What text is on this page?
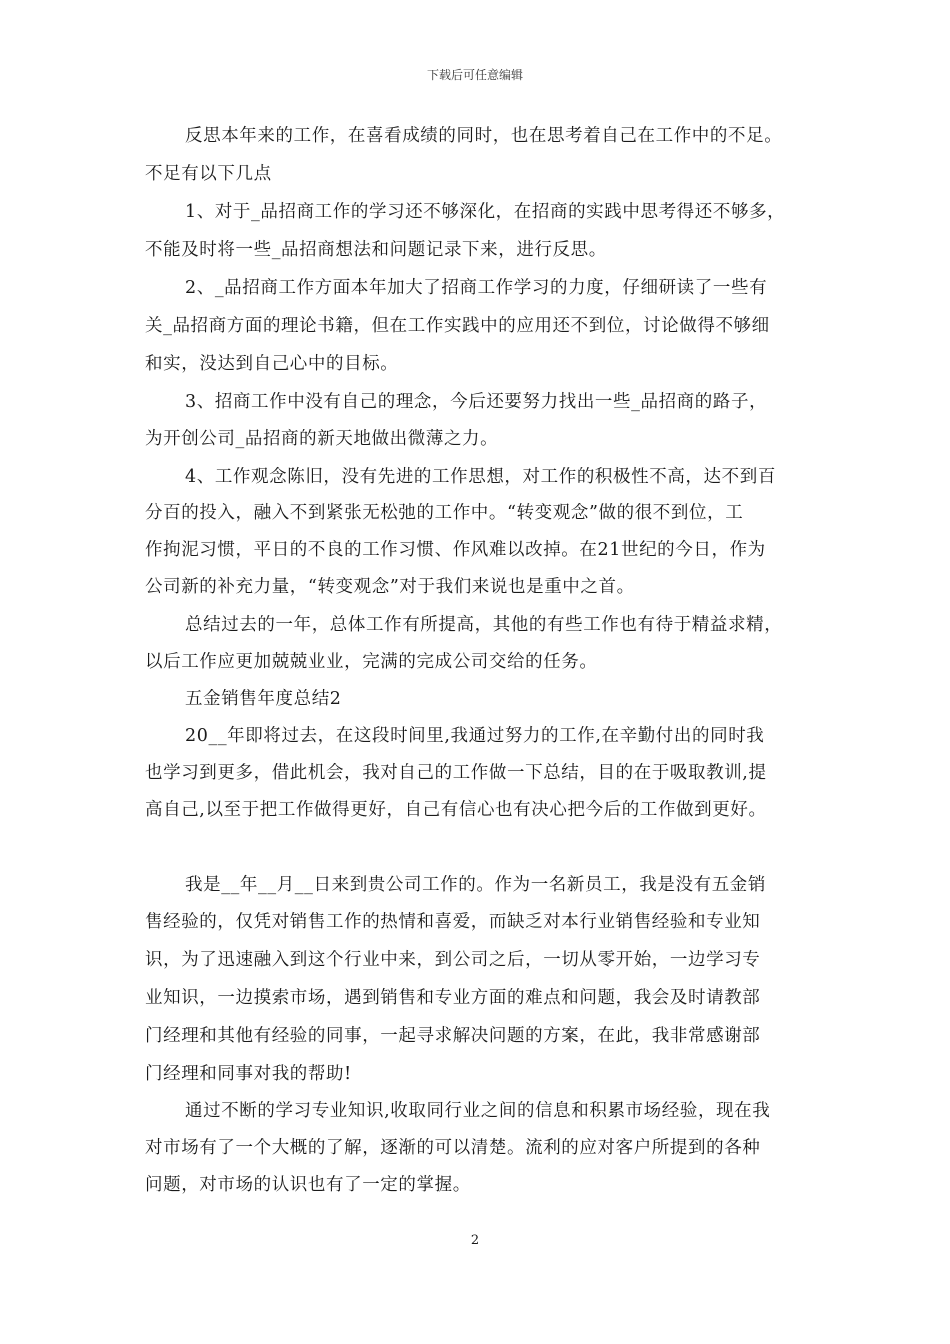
下载后可任意编辑
反思本年来的工作，在喜看成绩的同时，也在思考着自己在工作中的不足。
不足有以下几点
1、对于_品招商工作的学习还不够深化，在招商的实践中思考得还不够多，
不能及时将一些_品招商想法和问题记录下来，进行反思。
2、_品招商工作方面本年加大了招商工作学习的力度，仔细研读了一些有
关_品招商方面的理论书籍，但在工作实践中的应用还不到位，讨论做得不够细
和实，没达到自己心中的目标。
3、招商工作中没有自己的理念，今后还要努力找出一些_品招商的路子，
为开创公司_品招商的新天地做出微薄之力。
4、工作观念陈旧，没有先进的工作思想，对工作的积极性不高，达不到百
分百的投入，融入不到紧张无松弛的工作中。“转变观念”做的很不到位，工
作拘泥习惯，平日的不良的工作习惯、作风难以改掉。在21世纪的今日，作为
公司新的补充力量，“转变观念”对于我们来说也是重中之首。
总结过去的一年，总体工作有所提高，其他的有些工作也有待于精益求精，
以后工作应更加兢兢业业，完满的完成公司交给的任务。
五金销售年度总结2
20__年即将过去，在这段时间里,我通过努力的工作,在辛勤付出的同时我
也学习到更多，借此机会，我对自己的工作做一下总结，目的在于吸取教训,提
高自己,以至于把工作做得更好，自己有信心也有决心把今后的工作做到更好。
我是__年__月__日来到贵公司工作的。作为一名新员工，我是没有五金销
售经验的，仅凭对销售工作的热情和喜爱，而缺乏对本行业销售经验和专业知
识，为了迅速融入到这个行业中来，到公司之后，一切从零开始，一边学习专
业知识，一边摸索市场，遇到销售和专业方面的难点和问题，我会及时请教部
门经理和其他有经验的同事，一起寻求解决问题的方案，在此，我非常感谢部
门经理和同事对我的帮助!
通过不断的学习专业知识,收取同行业之间的信息和积累市场经验，现在我
对市场有了一个大概的了解，逐渐的可以清楚。流利的应对客户所提到的各种
问题，对市场的认识也有了一定的掌握。
2
